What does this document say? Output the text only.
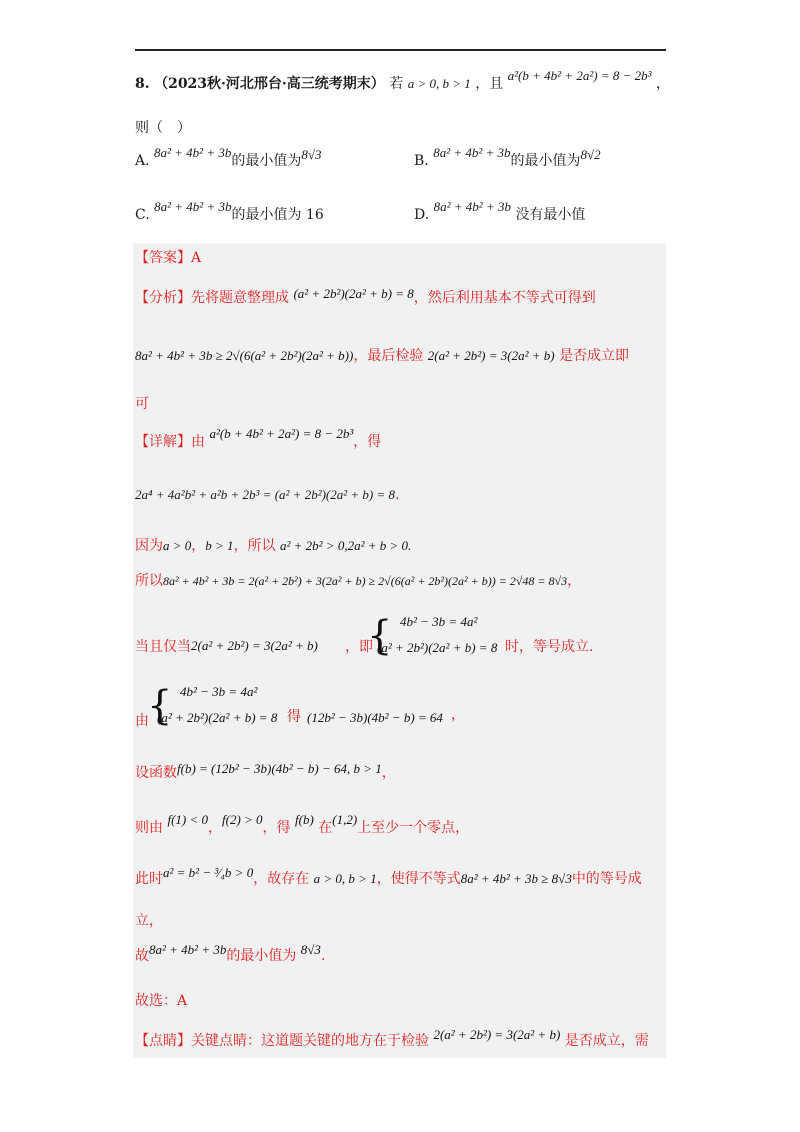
8. （2023秋·河北邢台·高三统考期末） 若 a > 0, b > 1 ，且 a²(b + 4b² + 2a²) = 8 − 2b³ ，
则（　）
A. 8a² + 4b² + 3b的最小值为8√3	B. 8a² + 4b² + 3b的最小值为8√2
C. 8a² + 4b² + 3b的最小值为 16	D. 8a² + 4b² + 3b 没有最小值
【答案】A
【分析】先将题意整理成 (a² + 2b²)(2a² + b) = 8，然后利用基本不等式可得到
8a² + 4b² + 3b ≥ 2√(6(a² + 2b²)(2a² + b))，最后检验 2(a² + 2b²) = 3(2a² + b) 是否成立即
可
【详解】由 a²(b + 4b² + 2a²) = 8 − 2b³，得
2a⁴ + 4a²b² + a²b + 2b³ = (a² + 2b²)(2a² + b) = 8.
因为a > 0，b > 1，所以 a² + 2b² > 0,2a² + b > 0.
所以8a² + 4b² + 3b = 2(a² + 2b²) + 3(2a² + b) ≥ 2√(6(a² + 2b²)(2a² + b)) = 2√48 = 8√3，
当且仅当 2(a² + 2b²) = 3(2a² + b) ，即
{ 4b² − 3b = 4a²
(a² + 2b²)(2a² + b) = 8 时，等号成立.
由
{ 4b² − 3b = 4a²
(a² + 2b²)(2a² + b) = 8 得 (12b² − 3b)(4b² − b) = 64 ，
设函数f(b) = (12b² − 3b)(4b² − b) − 64, b > 1，
则由 f(1) < 0，f(2) > 0，得 f(b) 在(1,2)上至少一个零点，
此时a² = b² − ³⁄₄b > 0，故存在 a > 0, b > 1，使得不等式8a² + 4b² + 3b ≥ 8√3中的等号成
立，
故8a² + 4b² + 3b的最小值为 8√3.
故选：A
【点睛】关键点睛：这道题关键的地方在于检验 2(a² + 2b²) = 3(2a² + b) 是否成立，需
